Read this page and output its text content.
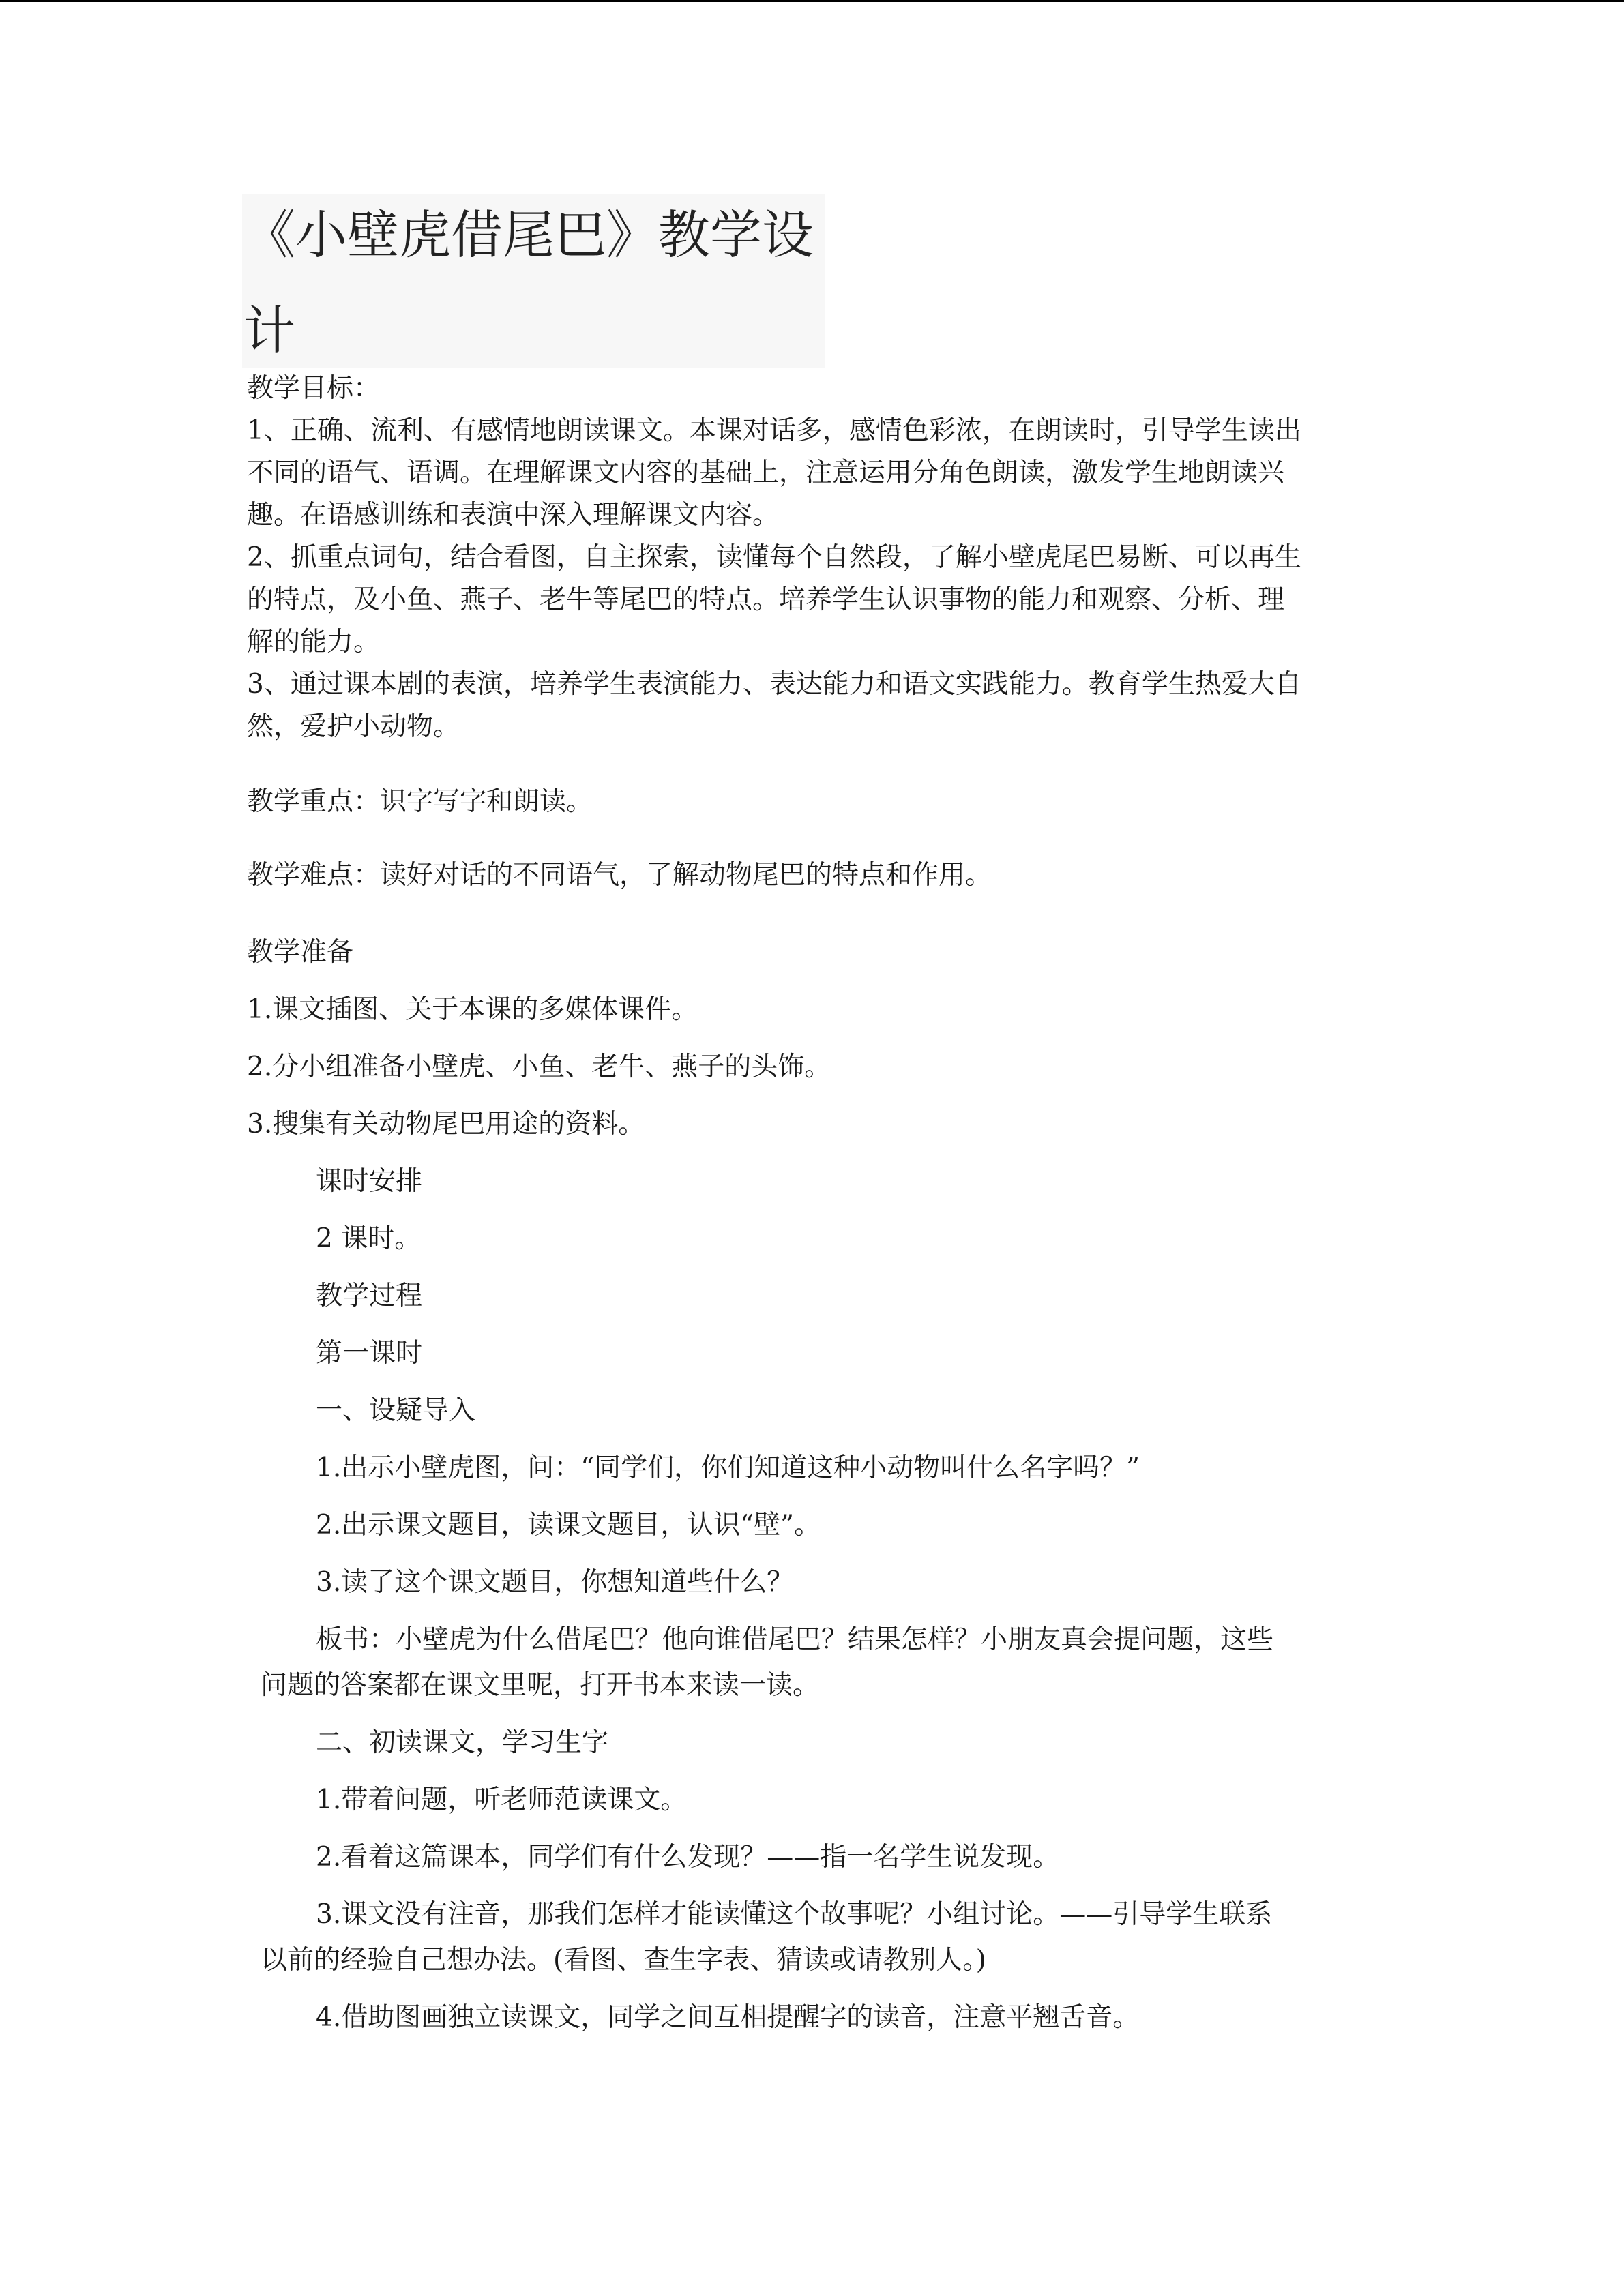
《小壁虎借尾巴》教学设
计
教学目标：
1、正确、流利、有感情地朗读课文。本课对话多，感情色彩浓，在朗读时，引导学生读出
不同的语气、语调。在理解课文内容的基础上，注意运用分角色朗读，激发学生地朗读兴
趣。在语感训练和表演中深入理解课文内容。
2、抓重点词句，结合看图，自主探索，读懂每个自然段，了解小壁虎尾巴易断、可以再生
的特点，及小鱼、燕子、老牛等尾巴的特点。培养学生认识事物的能力和观察、分析、理
解的能力。
3、通过课本剧的表演，培养学生表演能力、表达能力和语文实践能力。教育学生热爱大自
然，爱护小动物。
教学重点：识字写字和朗读。
教学难点：读好对话的不同语气，了解动物尾巴的特点和作用。
教学准备
1.课文插图、关于本课的多媒体课件。
2.分小组准备小壁虎、小鱼、老牛、燕子的头饰。
3.搜集有关动物尾巴用途的资料。
课时安排
2 课时。
教学过程
第一课时
一、设疑导入
1.出示小壁虎图，问：“同学们，你们知道这种小动物叫什么名字吗？”
2.出示课文题目，读课文题目，认识“壁”。
3.读了这个课文题目，你想知道些什么？
板书：小壁虎为什么借尾巴？他向谁借尾巴？结果怎样？小朋友真会提问题，这些
问题的答案都在课文里呢，打开书本来读一读。
二、初读课文，学习生字
1.带着问题，听老师范读课文。
2.看着这篇课本，同学们有什么发现？——指一名学生说发现。
3.课文没有注音，那我们怎样才能读懂这个故事呢？小组讨论。——引导学生联系
以前的经验自己想办法。(看图、查生字表、猜读或请教别人。)
4.借助图画独立读课文，同学之间互相提醒字的读音，注意平翘舌音。
